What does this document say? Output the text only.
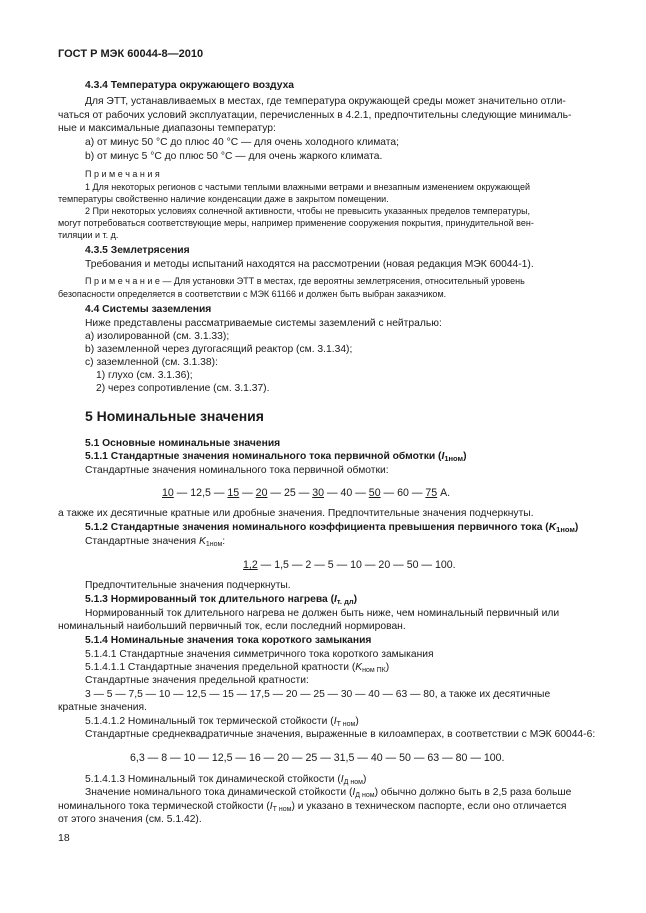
ГОСТ Р МЭК 60044-8—2010
4.3.4 Температура окружающего воздуха
Для ЭТТ, устанавливаемых в местах, где температура окружающей среды может значительно отли-
чаться от рабочих условий эксплуатации, перечисленных в 4.2.1, предпочтительны следующие минималь-
ные и максимальные диапазоны температур:
a) от минус 50 °C до плюс 40 °C — для очень холодного климата;
b) от минус 5 °C до плюс 50 °C — для очень жаркого климата.
П р и м е ч а н и я
1 Для некоторых регионов с частыми теплыми влажными ветрами и внезапным изменением окружающей
температуры свойственно наличие конденсации даже в закрытом помещении.
2 При некоторых условиях солнечной активности, чтобы не превысить указанных пределов температуры,
могут потребоваться соответствующие меры, например применение сооружения покрытия, принудительной вен-
тиляции и т. д.
4.3.5 Землетрясения
Требования и методы испытаний находятся на рассмотрении (новая редакция МЭК 60044-1).
П р и м е ч а н и е — Для установки ЭТТ в местах, где вероятны землетрясения, относительный уровень
безопасности определяется в соответствии с МЭК 61166 и должен быть выбран заказчиком.
4.4 Системы заземления
Ниже представлены рассматриваемые системы заземлений с нейтралью:
a) изолированной (см. 3.1.33);
b) заземленной через дугогасящий реактор (см. 3.1.34);
c) заземленной (см. 3.1.38):
1) глухо (см. 3.1.36);
2) через сопротивление (см. 3.1.37).
5 Номинальные значения
5.1 Основные номинальные значения
5.1.1 Стандартные значения номинального тока первичной обмотки (I1ном)
Стандартные значения номинального тока первичной обмотки:
10 — 12,5 — 15 — 20 — 25 — 30 — 40 — 50 — 60 — 75 А.
а также их десятичные кратные или дробные значения. Предпочтительные значения подчеркнуты.
5.1.2 Стандартные значения номинального коэффициента превышения первичного тока (K1ном)
Стандартные значения $K_{1ном}$:
1,2 — 1,5 — 2 — 5 — 10 — 20 — 50 — 100.
Предпочтительные значения подчеркнуты.
5.1.3 Нормированный ток длительного нагрева (Iт. дл)
Нормированный ток длительного нагрева не должен быть ниже, чем номинальный первичный или
номинальный наибольший первичный ток, если последний нормирован.
5.1.4 Номинальные значения тока короткого замыкания
5.1.4.1 Стандартные значения симметричного тока короткого замыкания
5.1.4.1.1 Стандартные значения предельной кратности $(K_{ном ПК})$
Стандартные значения предельной кратности:
3 — 5 — 7,5 — 10 — 12,5 — 15 — 17,5 — 20 — 25 — 30 — 40 — 63 — 80, а также их десятичные
кратные значения.
5.1.4.1.2 Номинальный ток термической стойкости $(I_{Т ном})$
Стандартные среднеквадратичные значения, выраженные в килоамперах, в соответствии с МЭК 60044-6:
6,3 — 8 — 10 — 12,5 — 16 — 20 — 25 — 31,5 — 40 — 50 — 63 — 80 — 100.
5.1.4.1.3 Номинальный ток динамической стойкости $(I_{Д ном})$
Значение номинального тока динамической стойкости $(I_{Д ном})$ обычно должно быть в 2,5 раза больше
номинального тока термической стойкости $(I_{Т ном})$ и указано в техническом паспорте, если оно отличается
от этого значения (см. 5.1.42).
18
